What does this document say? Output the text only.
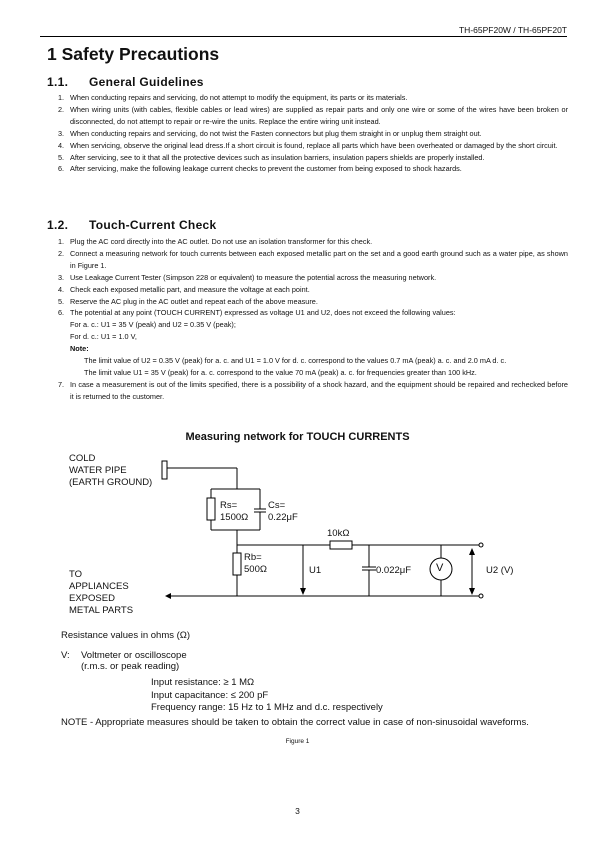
TH-65PF20W / TH-65PF20T
1 Safety Precautions
1.1. General Guidelines
1. When conducting repairs and servicing, do not attempt to modify the equipment, its parts or its materials.
2. When wiring units (with cables, flexible cables or lead wires) are supplied as repair parts and only one wire or some of the wires have been broken or disconnected, do not attempt to repair or re-wire the units. Replace the entire wiring unit instead.
3. When conducting repairs and servicing, do not twist the Fasten connectors but plug them straight in or unplug them straight out.
4. When servicing, observe the original lead dress.If a short circuit is found, replace all parts which have been overheated or damaged by the short circuit.
5. After servicing, see to it that all the protective devices such as insulation barriers, insulation papers shields are properly installed.
6. After servicing, make the following leakage current checks to prevent the customer from being exposed to shock hazards.
1.2. Touch-Current Check
1. Plug the AC cord directly into the AC outlet. Do not use an isolation transformer for this check.
2. Connect a measuring network for touch currents between each exposed metallic part on the set and a good earth ground such as a water pipe, as shown in Figure 1.
3. Use Leakage Current Tester (Simpson 228 or equivalent) to measure the potential across the measuring network.
4. Check each exposed metallic part, and measure the voltage at each point.
5. Reserve the AC plug in the AC outlet and repeat each of the above measure.
6. The potential at any point (TOUCH CURRENT) expressed as voltage U1 and U2, does not exceed the following values:
For a. c.: U1 = 35 V (peak) and U2 = 0.35 V (peak);
For d. c.: U1 = 1.0 V,
Note:
The limit value of U2 = 0.35 V (peak) for a. c. and U1 = 1.0 V for d. c. correspond to the values 0.7 mA (peak) a. c. and 2.0 mA d. c.
The limit value U1 = 35 V (peak) for a. c. correspond to the value 70 mA (peak) a. c. for frequencies greater than 100 kHz.
7. In case a measurement is out of the limits specified, there is a possibility of a shock hazard, and the equipment should be repaired and rechecked before it is returned to the customer.
Measuring network for TOUCH CURRENTS
COLD
WATER PIPE
(EARTH GROUND)
Rs=
1500Ω
Cs=
0.22μF
10kΩ
Rb=
500Ω	U1	0.022μF V	U2 (V)
TO
APPLIANCES
EXPOSED
METAL PARTS
Resistance values in ohms (Ω)
V: Voltmeter or oscilloscope
(r.m.s. or peak reading)
Input resistance: ≥ 1 MΩ
Input capacitance: ≤ 200 pF
Frequency range: 15 Hz to 1 MHz and d.c. respectively
NOTE - Appropriate measures should be taken to obtain the correct value in case of non-sinusoidal waveforms.
Figure 1
3
